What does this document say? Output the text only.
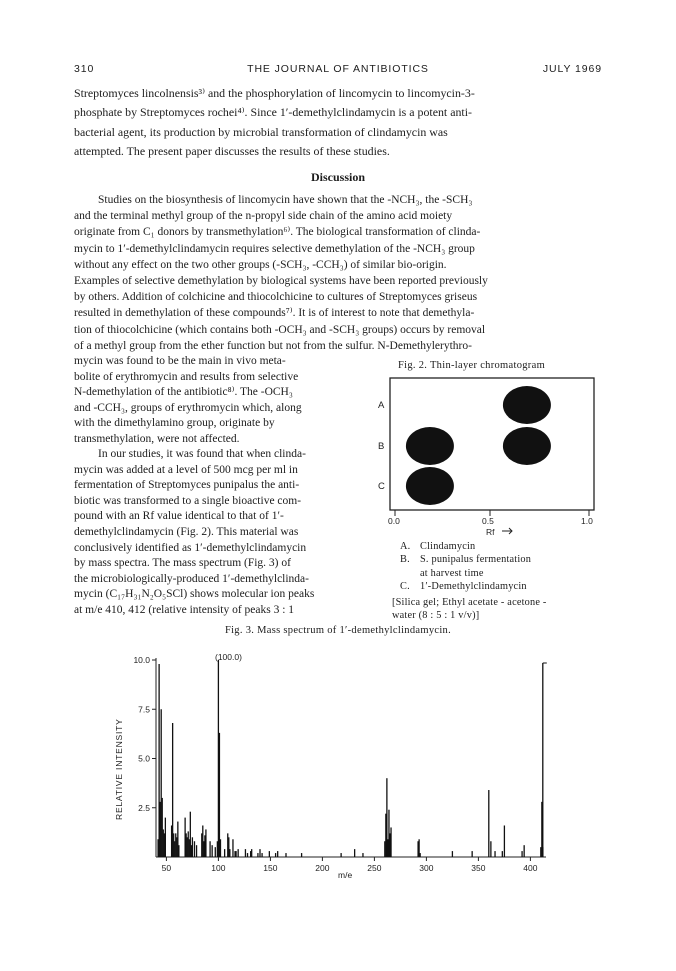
310	THE JOURNAL OF ANTIBIOTICS	JULY 1969

Streptomyces lincolnensis³⁾ and the phosphorylation of lincomycin to lincomycin-3-

phosphate by Streptomyces rochei⁴⁾. Since 1′-demethylclindamycin is a potent anti-

bacterial agent, its production by microbial transformation of clindamycin was

attempted. The present paper discusses the results of these studies.

Discussion

Studies on the biosynthesis of lincomycin have shown that the -NCH₃, the -SCH₃

and the terminal methyl group of the n-propyl side chain of the amino acid moiety

originate from C₁ donors by transmethylation⁶⁾. The biological transformation of clinda-

mycin to 1′-demethylclindamycin requires selective demethylation of the -NCH₃ group

without any effect on the two other groups (-SCH₃, -CCH₃) of similar bio-origin.

Examples of selective demethylation by biological systems have been reported previously

by others. Addition of colchicine and thiocolchicine to cultures of Streptomyces griseus

resulted in demethylation of these compounds⁷⁾. It is of interest to note that demethyla-

tion of thiocolchicine (which contains both -OCH₃ and -SCH₃ groups) occurs by removal

of a methyl group from the ether function but not from the sulfur. N-Demethylerythro-

mycin was found to be the main in vivo meta-

bolite of erythromycin and results from selective

N-demethylation of the antibiotic⁸⁾. The -OCH₃

and -CCH₃, groups of erythromycin which, along

with the dimethylamino group, originate by

transmethylation, were not affected.

In our studies, it was found that when clinda-

mycin was added at a level of 500 mcg per ml in

fermentation of Streptomyces punipalus the anti-

biotic was transformed to a single bioactive com-

pound with an Rf value identical to that of 1′-

demethylclindamycin (Fig. 2). This material was

conclusively identified as 1′-demethylclindamycin

by mass spectra. The mass spectrum (Fig. 3) of

the microbiologically-produced 1′-demethylclinda-

mycin (C₁₇H₃₁N₂O₅SCl) shows molecular ion peaks

at m/e 410, 412 (relative intensity of peaks 3 : 1

Fig. 2. Thin-layer chromatogram
A
B
C
0.0	0.5	1.0
Rf
A. Clindamycin
B. S. punipalus fermentation
at harvest time
C. 1′-Demethylclindamycin
[Silica gel; Ethyl acetate - acetone -
water (8 : 5 : 1 v/v)]
Fig. 3. Mass spectrum of 1′-demethylclindamycin.
2.5
5.0
7.5
10.0
50	100	150	200	250	300	350	400
(100.0)
RELATIVE INTENSITY
m/e
